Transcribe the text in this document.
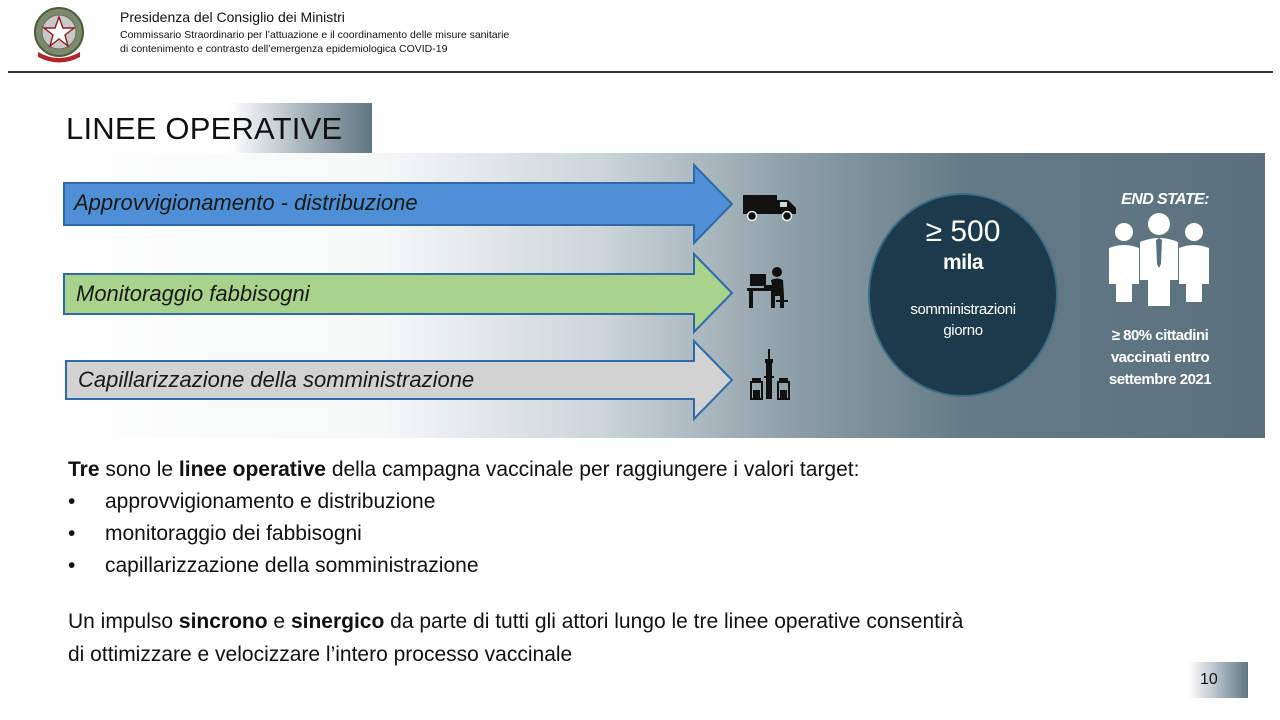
Presidenza del Consiglio dei Ministri
Commissario Straordinario per l’attuazione e il coordinamento delle misure sanitarie
di contenimento e contrasto dell’emergenza epidemiologica COVID-19
LINEE OPERATIVE
Approvvigionamento - distribuzione
Monitoraggio fabbisogni
Capillarizzazione della somministrazione
≥ 500
mila
somministrazioni
giorno
END STATE:
≥ 80% cittadini
vaccinati entro
settembre 2021
Tre sono le linee operative della campagna vaccinale per raggiungere i valori target:
• approvvigionamento e distribuzione
• monitoraggio dei fabbisogni
• capillarizzazione della somministrazione
Un impulso sincrono e sinergico da parte di tutti gli attori lungo le tre linee operative consentirà
di ottimizzare e velocizzare l’intero processo vaccinale
10
